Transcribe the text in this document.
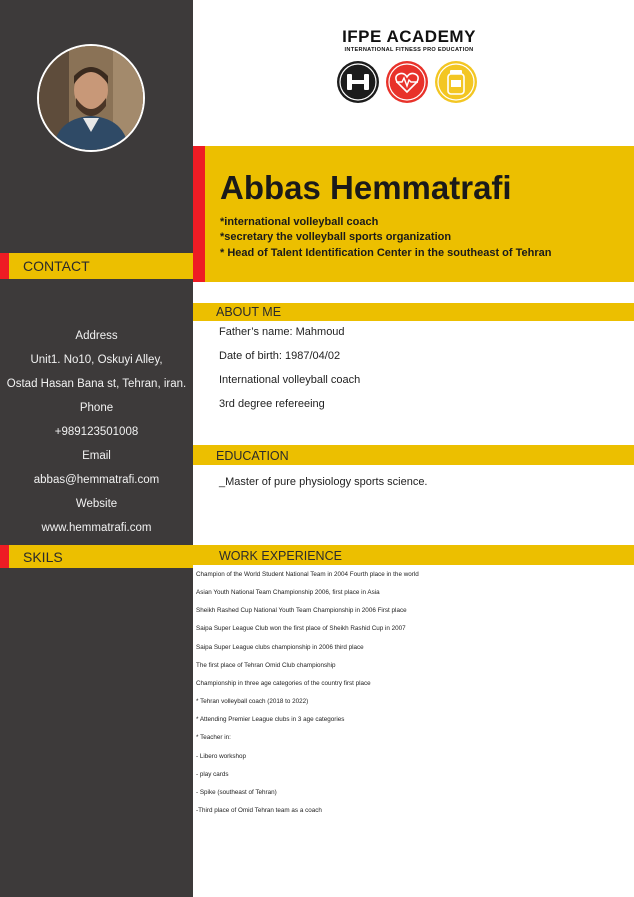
CONTACT
Address
Unit1. No10, Oskuyi Alley,
Ostad Hasan Bana st, Tehran, iran.
Phone
+989123501008
Email
abbas@hemmatrafi.com
Website
www.hemmatrafi.com
SKILS
IFPE ACADEMY
INTERNATIONAL FITNESS PRO EDUCATION
Abbas Hemmatrafi
*international volleyball coach
*secretary the volleyball sports organization
* Head of Talent Identification Center in the southeast of Tehran
ABOUT ME
Father’s name: Mahmoud
Date of birth: 1987/04/02
International volleyball coach
3rd degree refereeing
EDUCATION
_Master of pure physiology sports science.
WORK EXPERIENCE
Champion of the World Student National Team in 2004 Fourth place in the world
Asian Youth National Team Championship 2006, first place in Asia
Sheikh Rashed Cup National Youth Team Championship in 2006 First place
Saipa Super League Club won the first place of Sheikh Rashid Cup in 2007
Saipa Super League clubs championship in 2006 third place
The first place of Tehran Omid Club championship
Championship in three age categories of the country first place
* Tehran volleyball coach (2018 to 2022)
* Attending Premier League clubs in 3 age categories
* Teacher in:
- Libero workshop
- play cards
- Spike (southeast of Tehran)
-Third place of Omid Tehran team as a coach
